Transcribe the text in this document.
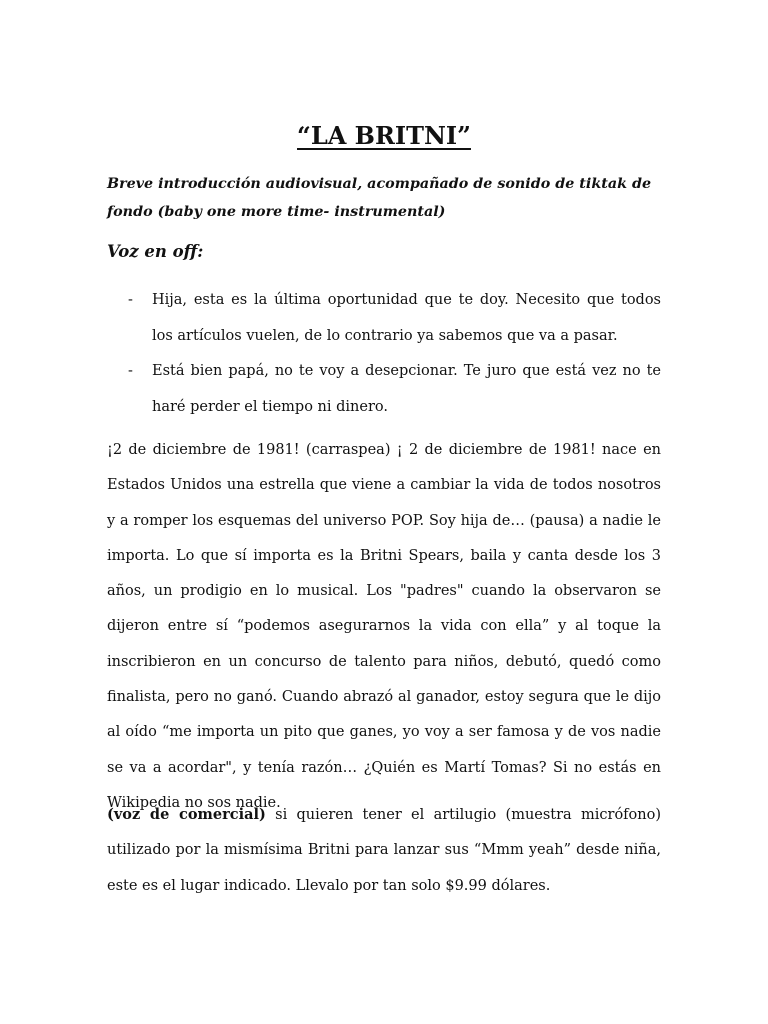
“LA BRITNI”

Breve introducción audiovisual, acompañado de sonido de tiktak de fondo (baby one more time- instrumental)

Voz en off:

- Hija, esta es la última oportunidad que te doy. Necesito que todos los artículos vuelen, de lo contrario ya sabemos que va a pasar.
- Está bien papá, no te voy a desepcionar. Te juro que está vez no te haré perder el tiempo ni dinero.

¡2 de diciembre de 1981! (carraspea) ¡ 2 de diciembre de 1981! nace en Estados Unidos una estrella que viene a cambiar la vida de todos nosotros y a romper los esquemas del universo POP. Soy hija de… (pausa) a nadie le importa. Lo que sí importa es la Britni Spears, baila y canta desde los 3 años, un prodigio en lo musical. Los "padres" cuando la observaron se dijeron entre sí “podemos asegurarnos la vida con ella” y al toque la inscribieron en un concurso de talento para niños, debutó, quedó como finalista, pero no ganó. Cuando abrazó al ganador, estoy segura que le dijo al oído “me importa un pito que ganes, yo voy a ser famosa y de vos nadie se va a acordar", y tenía razón… ¿Quién es Martí Tomas? Si no estás en Wikipedia no sos nadie.

(voz de comercial) si quieren tener el artilugio (muestra micrófono) utilizado por la mismísima Britni para lanzar sus “Mmm yeah” desde niña, este es el lugar indicado. Llevalo por tan solo $9.99 dólares.
